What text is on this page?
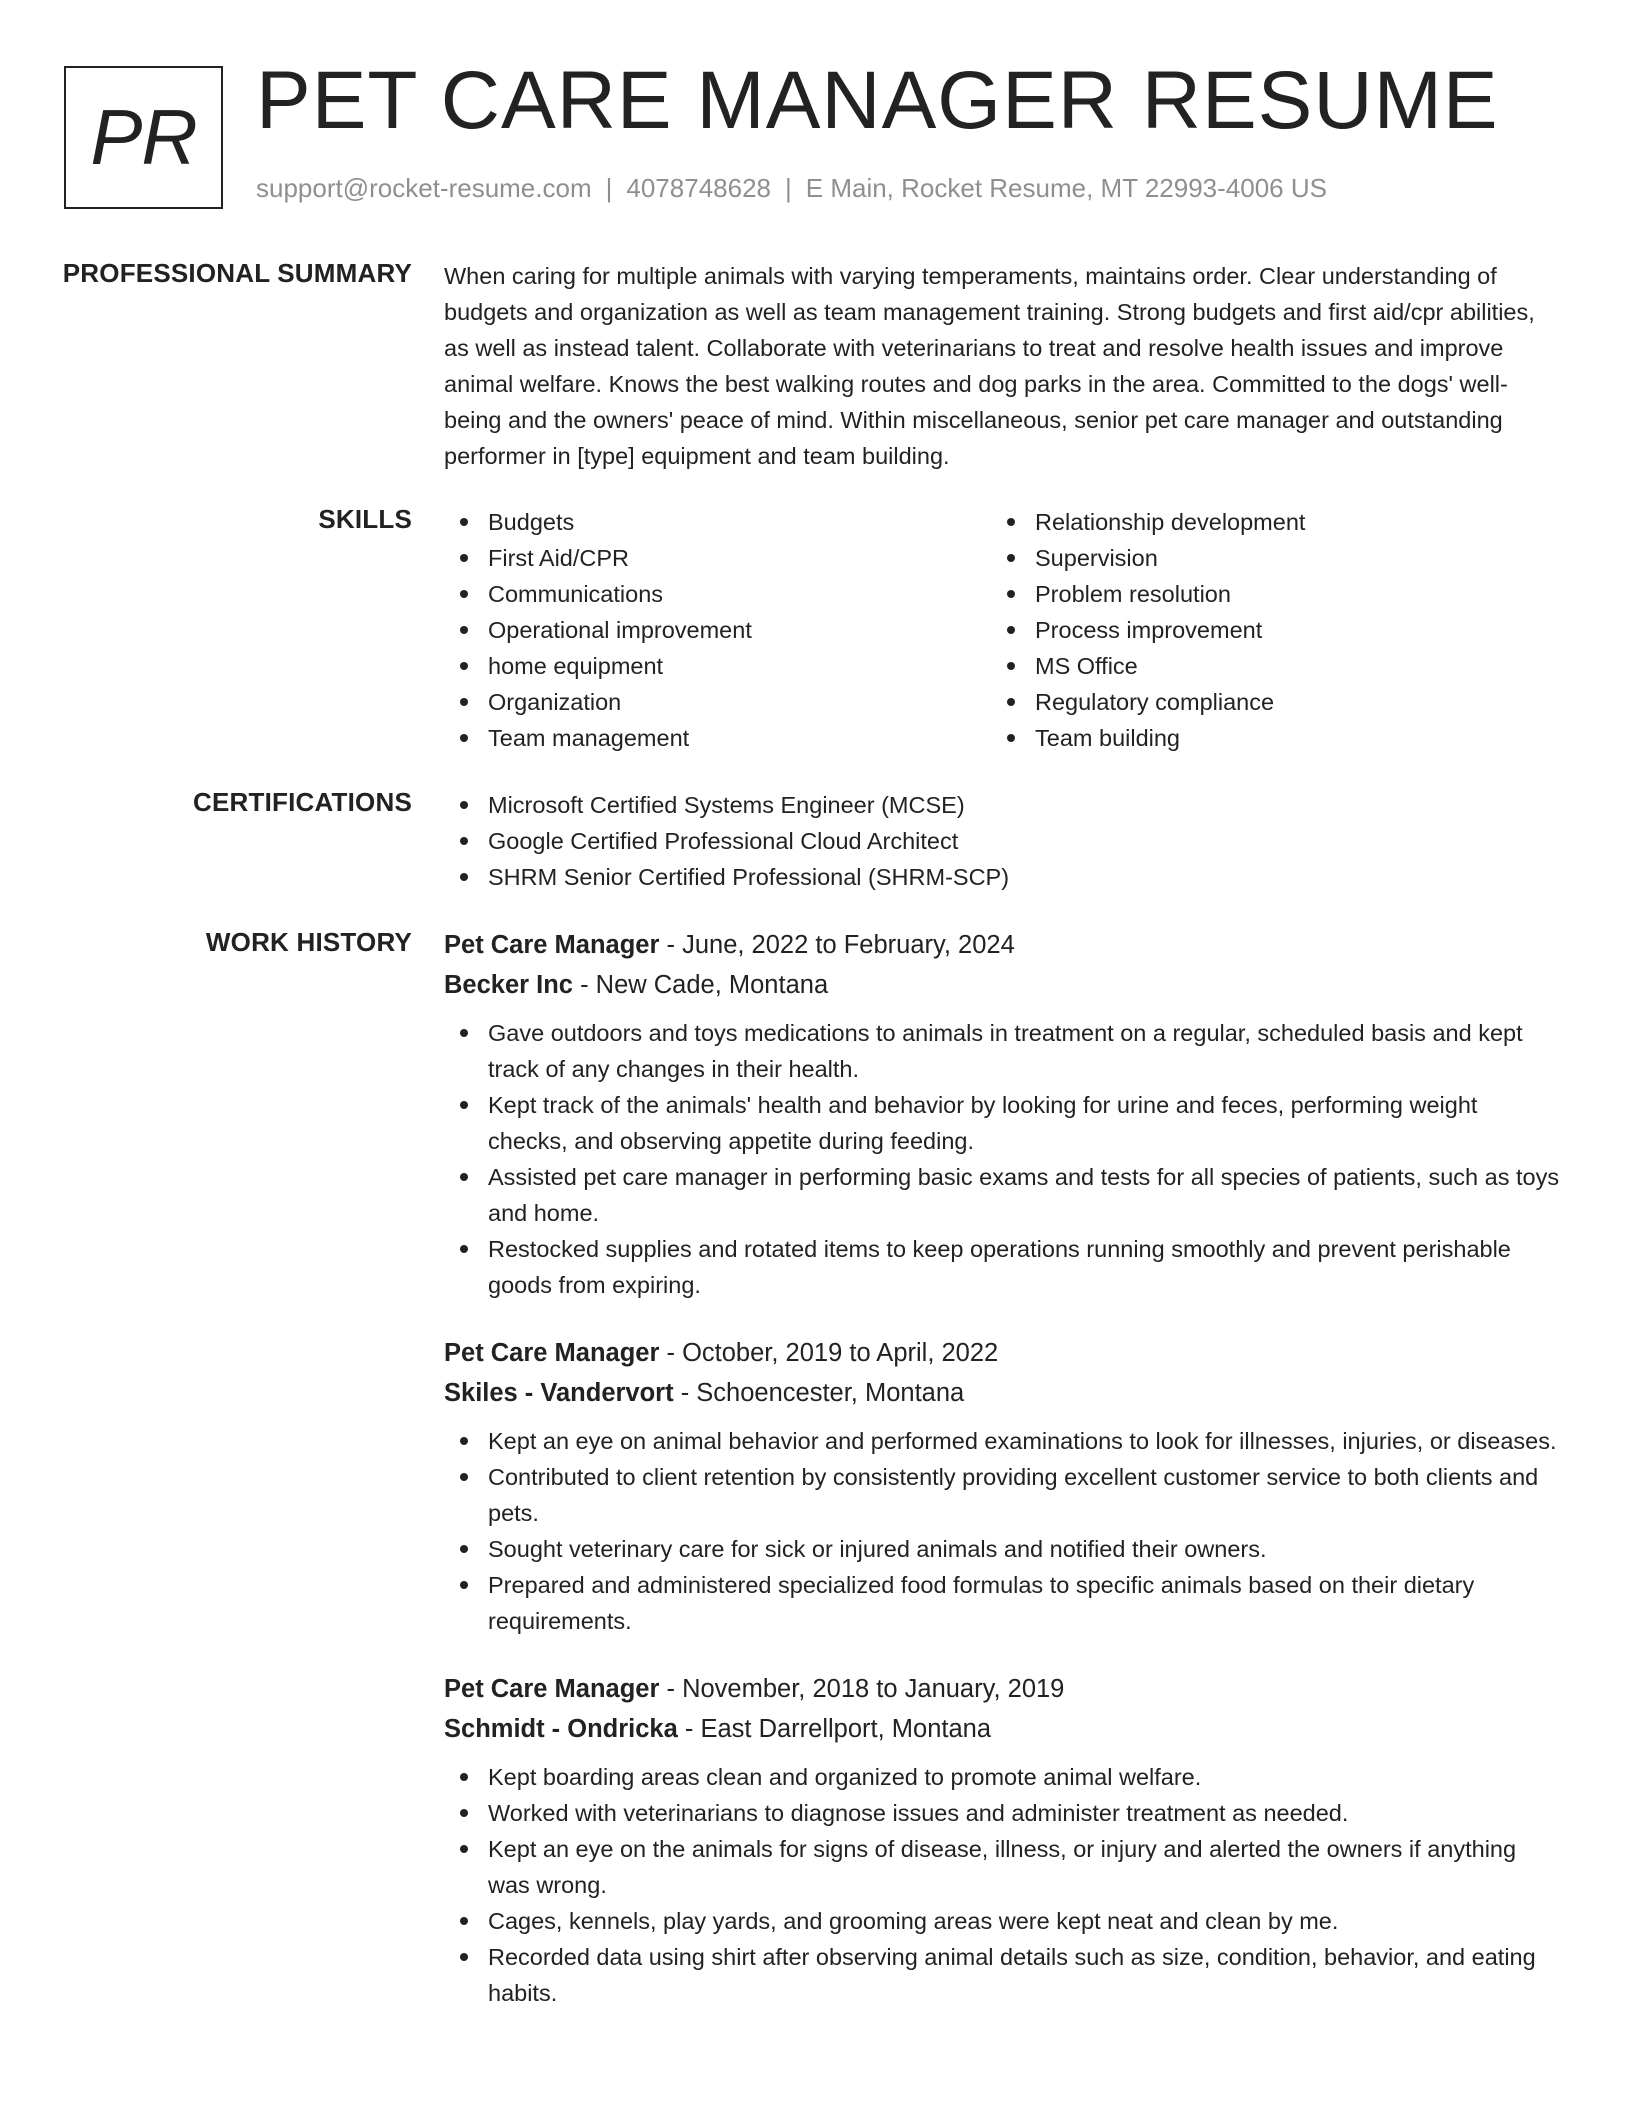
PR PET CARE MANAGER RESUME
support@rocket-resume.com | 4078748628 | E Main, Rocket Resume, MT 22993-4006 US
PROFESSIONAL SUMMARY When caring for multiple animals with varying temperaments, maintains order. Clear understanding of budgets and organization as well as team management training. Strong budgets and first aid/cpr abilities, as well as instead talent. Collaborate with veterinarians to treat and resolve health issues and improve animal welfare. Knows the best walking routes and dog parks in the area. Committed to the dogs' well-being and the owners' peace of mind. Within miscellaneous, senior pet care manager and outstanding performer in [type] equipment and team building.

SKILLS	Budgets
First Aid/CPR
Communications
Operational improvement
home equipment
Organization
Team management
Relationship development
Supervision
Problem resolution
Process improvement
MS Office
Regulatory compliance
Team building
CERTIFICATIONS	Microsoft Certified Systems Engineer (MCSE)
Google Certified Professional Cloud Architect
SHRM Senior Certified Professional (SHRM-SCP)
WORK HISTORY Pet Care Manager - June, 2022 to February, 2024
Becker Inc - New Cade, Montana
Gave outdoors and toys medications to animals in treatment on a regular, scheduled basis and kept track of any changes in their health.
Kept track of the animals' health and behavior by looking for urine and feces, performing weight checks, and observing appetite during feeding.
Assisted pet care manager in performing basic exams and tests for all species of patients, such as toys and home.
Restocked supplies and rotated items to keep operations running smoothly and prevent perishable goods from expiring.
Pet Care Manager - October, 2019 to April, 2022
Skiles - Vandervort - Schoencester, Montana
Kept an eye on animal behavior and performed examinations to look for illnesses, injuries, or diseases.
Contributed to client retention by consistently providing excellent customer service to both clients and pets.
Sought veterinary care for sick or injured animals and notified their owners.
Prepared and administered specialized food formulas to specific animals based on their dietary requirements.
Pet Care Manager - November, 2018 to January, 2019
Schmidt - Ondricka - East Darrellport, Montana
Kept boarding areas clean and organized to promote animal welfare.
Worked with veterinarians to diagnose issues and administer treatment as needed.
Kept an eye on the animals for signs of disease, illness, or injury and alerted the owners if anything was wrong.
Cages, kennels, play yards, and grooming areas were kept neat and clean by me.
Recorded data using shirt after observing animal details such as size, condition, behavior, and eating habits.
